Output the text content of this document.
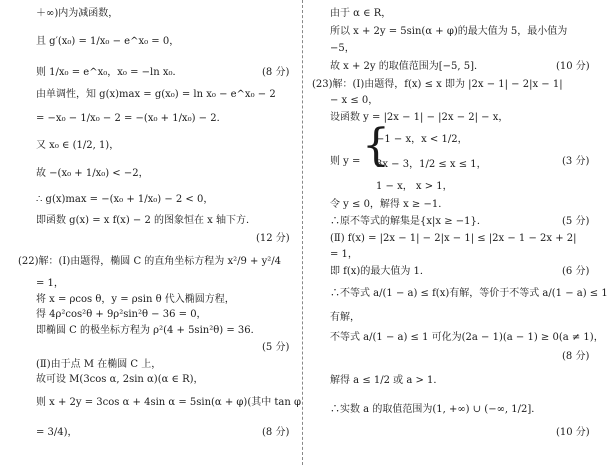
＋∞)内为减函数，
且 g′(x₀) = 1/x₀ − e^x₀ = 0，
则 1/x₀ = e^x₀，x₀ = −ln x₀．	(8 分)
由单调性，知 g(x)max = g(x₀) = ln x₀ − e^x₀ − 2
= −x₀ − 1/x₀ − 2 = −(x₀ + 1/x₀) − 2．
又 x₀ ∈ (1/2, 1)，
故 −(x₀ + 1/x₀) < −2，
∴ g(x)max = −(x₀ + 1/x₀) − 2 < 0，
即函数 g(x) = x f(x) − 2 的图象恒在 x 轴下方．
(12 分)
(22)解：(Ⅰ)由题得，椭圆 C 的直角坐标方程为 x²/9 + y²/4
= 1，
将 x = ρcos θ，y = ρsin θ 代入椭圆方程，
得 4ρ²cos²θ + 9ρ²sin²θ − 36 = 0，
即椭圆 C 的极坐标方程为 ρ²(4 + 5sin²θ) = 36．
(5 分)
(Ⅱ)由于点 M 在椭圆 C 上，
故可设 M(3cos α, 2sin α)(α ∈ R)，
则 x + 2y = 3cos α + 4sin α = 5sin(α + φ)(其中 tan φ
= 3/4)，	(8 分)
由于 α ∈ R，
所以 x + 2y = 5sin(α + φ)的最大值为 5，最小值为
−5，
故 x + 2y 的取值范围为[−5, 5]．	(10 分)
(23)解：(Ⅰ)由题得，f(x) ≤ x 即为 |2x − 1| − 2|x − 1|
− x ≤ 0，
设函数 y = |2x − 1| − |2x − 2| − x，
则 y = {
−1 − x，x < 1/2，
3x − 3，1/2 ≤ x ≤ 1，
1 − x， x > 1，
(3 分)
令 y ≤ 0，解得 x ≥ −1．
∴原不等式的解集是{x|x ≥ −1}．	(5 分)
(Ⅱ) f(x) = |2x − 1| − 2|x − 1| ≤ |2x − 1 − 2x + 2|
= 1，
即 f(x)的最大值为 1．	(6 分)
∴不等式 a/(1 − a) ≤ f(x)有解，等价于不等式 a/(1 − a) ≤ 1
有解，
不等式 a/(1 − a) ≤ 1 可化为(2a − 1)(a − 1) ≥ 0(a ≠ 1)，
(8 分)
解得 a ≤ 1/2 或 a > 1．
∴实数 a 的取值范围为(1, +∞) ∪ (−∞, 1/2]．
(10 分)
